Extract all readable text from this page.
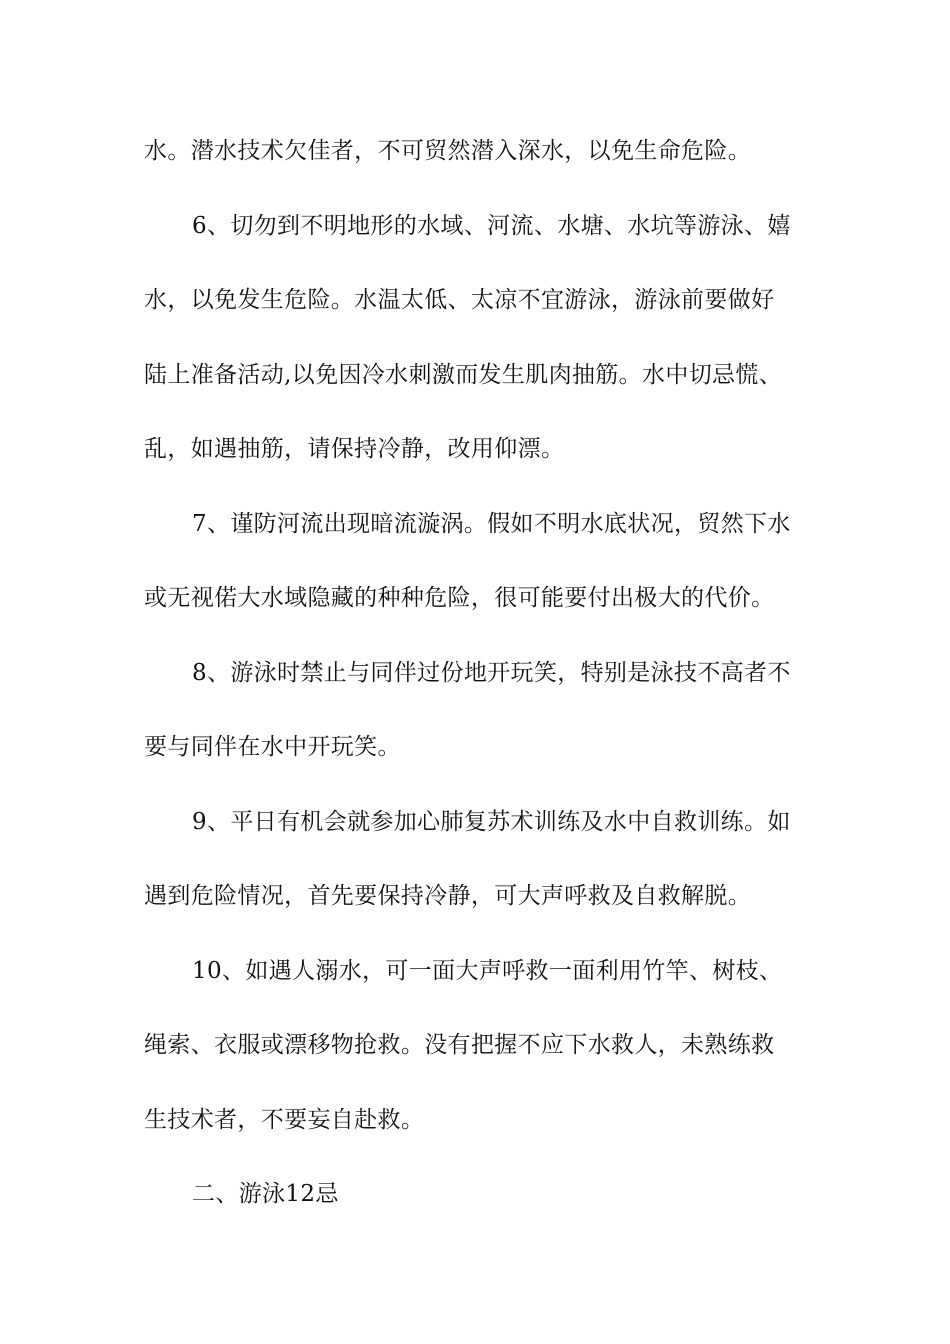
水。潜水技术欠佳者，不可贸然潜入深水，以免生命危险。
6、切勿到不明地形的水域、河流、水塘、水坑等游泳、嬉
水，以免发生危险。水温太低、太凉不宜游泳，游泳前要做好
陆上准备活动,以免因冷水刺激而发生肌肉抽筋。水中切忌慌、
乱，如遇抽筋，请保持冷静，改用仰漂。
7、谨防河流出现暗流漩涡。假如不明水底状况，贸然下水
或无视偌大水域隐藏的种种危险，很可能要付出极大的代价。
8、游泳时禁止与同伴过份地开玩笑，特别是泳技不高者不
要与同伴在水中开玩笑。
9、平日有机会就参加心肺复苏术训练及水中自救训练。如
遇到危险情况，首先要保持冷静，可大声呼救及自救解脱。
10、如遇人溺水，可一面大声呼救一面利用竹竿、树枝、
绳索、衣服或漂移物抢救。没有把握不应下水救人，未熟练救
生技术者，不要妄自赴救。
二、游泳12忌
